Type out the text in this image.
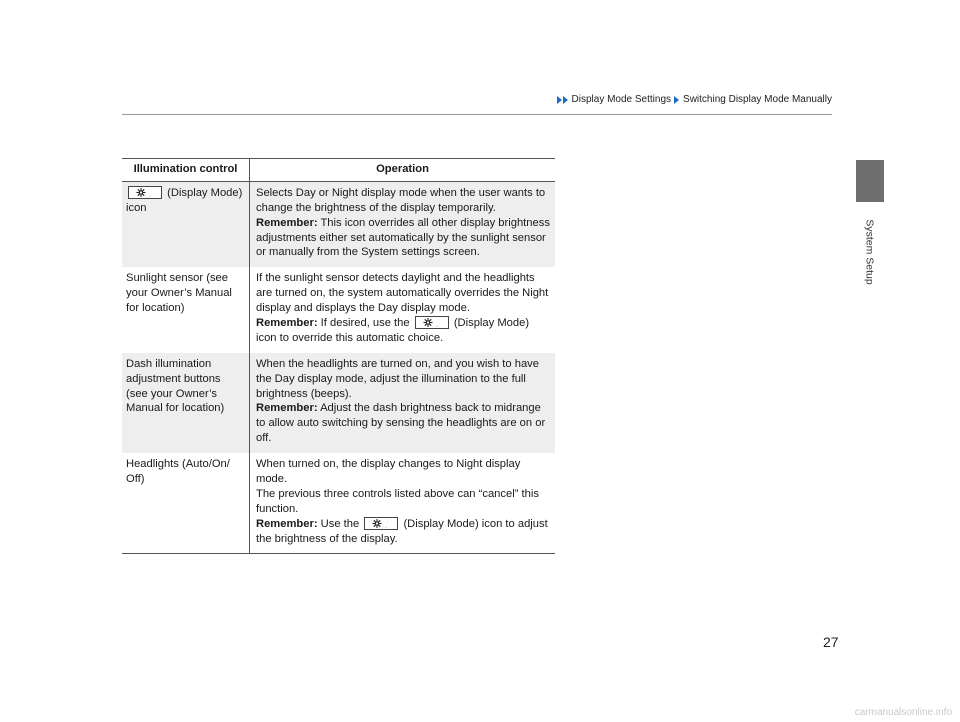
Display Mode Settings Switching Display Mode Manually
System Setup
Illumination control	Operation

(Display Mode) icon	Selects Day or Night display mode when the user wants to change the brightness of the display temporarily.
Remember: This icon overrides all other display brightness adjustments either set automatically by the sunlight sensor or manually from the System settings screen.

Sunlight sensor (see your Owner’s Manual for location)	If the sunlight sensor detects daylight and the headlights are turned on, the system automatically overrides the Night display and displays the Day display mode.
Remember: If desired, use the (Display Mode) icon to override this automatic choice.

Dash illumination adjustment buttons (see your Owner’s Manual for location)	When the headlights are turned on, and you wish to have the Day display mode, adjust the illumination to the full brightness (beeps).
Remember: Adjust the dash brightness back to midrange to allow auto switching by sensing the headlights are on or off.

Headlights (Auto/On/ Off)	When turned on, the display changes to Night display mode.
The previous three controls listed above can “cancel” this function.
Remember: Use the (Display Mode) icon to adjust the brightness of the display.
27
carmanualsonline.info
